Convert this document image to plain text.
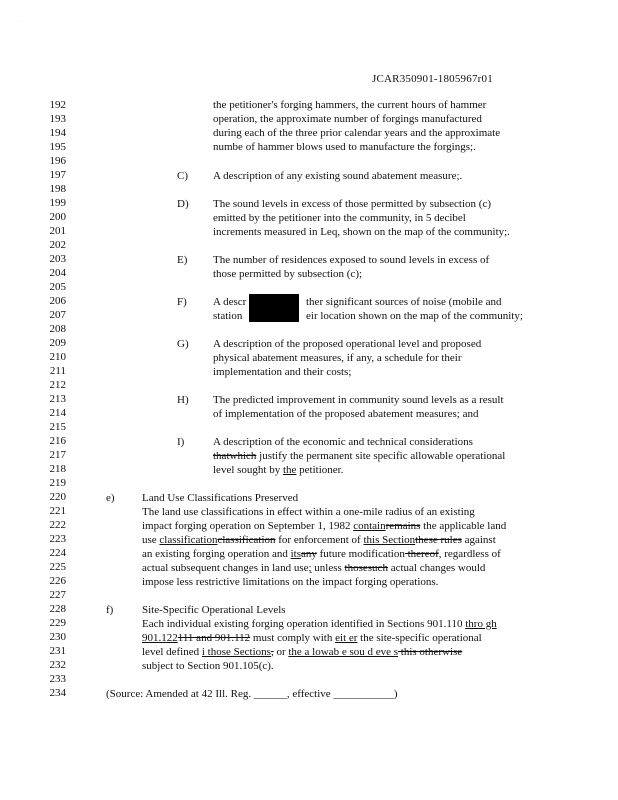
.
JCAR350901-1805967r01
192
193
194
195
196
197
198
199
200
201
202
203
204
205
206
207
208
209
210
211
212
213
214
215
216
217
218
219
220
221
222
223
224
225
226
227
228
229
230
231
232
233
234
the petitioner's forging hammers, the current hours of hammer
operation, the approximate number of forgings manufactured
during each of the three prior calendar years and the approximate
numbe of hammer blows used to manufacture the forgings;.
C) A description of any existing sound abatement measure;.
D) The sound levels in excess of those permitted by subsection (c)
emitted by the petitioner into the community, in 5 decibel
increments measured in Leq, shown on the map of the community;.
E) The number of residences exposed to sound levels in excess of
those permitted by subsection (c);
F) A descr	ther significant sources of noise (mobile and
station	eir location shown on the map of the community;
G) A description of the proposed operational level and proposed
physical abatement measures, if any, a schedule for their
implementation and their costs;
H) The predicted improvement in community sound levels as a result
of implementation of the proposed abatement measures; and
I)	A description of the economic and technical considerations
thatwhich justify the permanent site specific allowable operational
level sought by the petitioner.
e) Land Use Classifications Preserved
The land use classifications in effect within a one-mile radius of an existing
impact forging operation on September 1, 1982 containremains the applicable land
use classificationclassification for enforcement of this Sectionthese rules against
an existing forging operation and itsany future modification thereof, regardless of
actual subsequent changes in land use; unless thosesuch actual changes would
impose less restrictive limitations on the impact forging operations.
f)	Site-Specific Operational Levels
Each individual existing forging operation identified in Sections 901.110 thro gh
901.122111 and 901.112 must comply with eit er the site-specific operational
level defined i those Sections, or the a lowab e sou d eve s this otherwise
subject to Section 901.105(c).
(Source: Amended at 42 Ill. Reg. ______, effective ___________)
